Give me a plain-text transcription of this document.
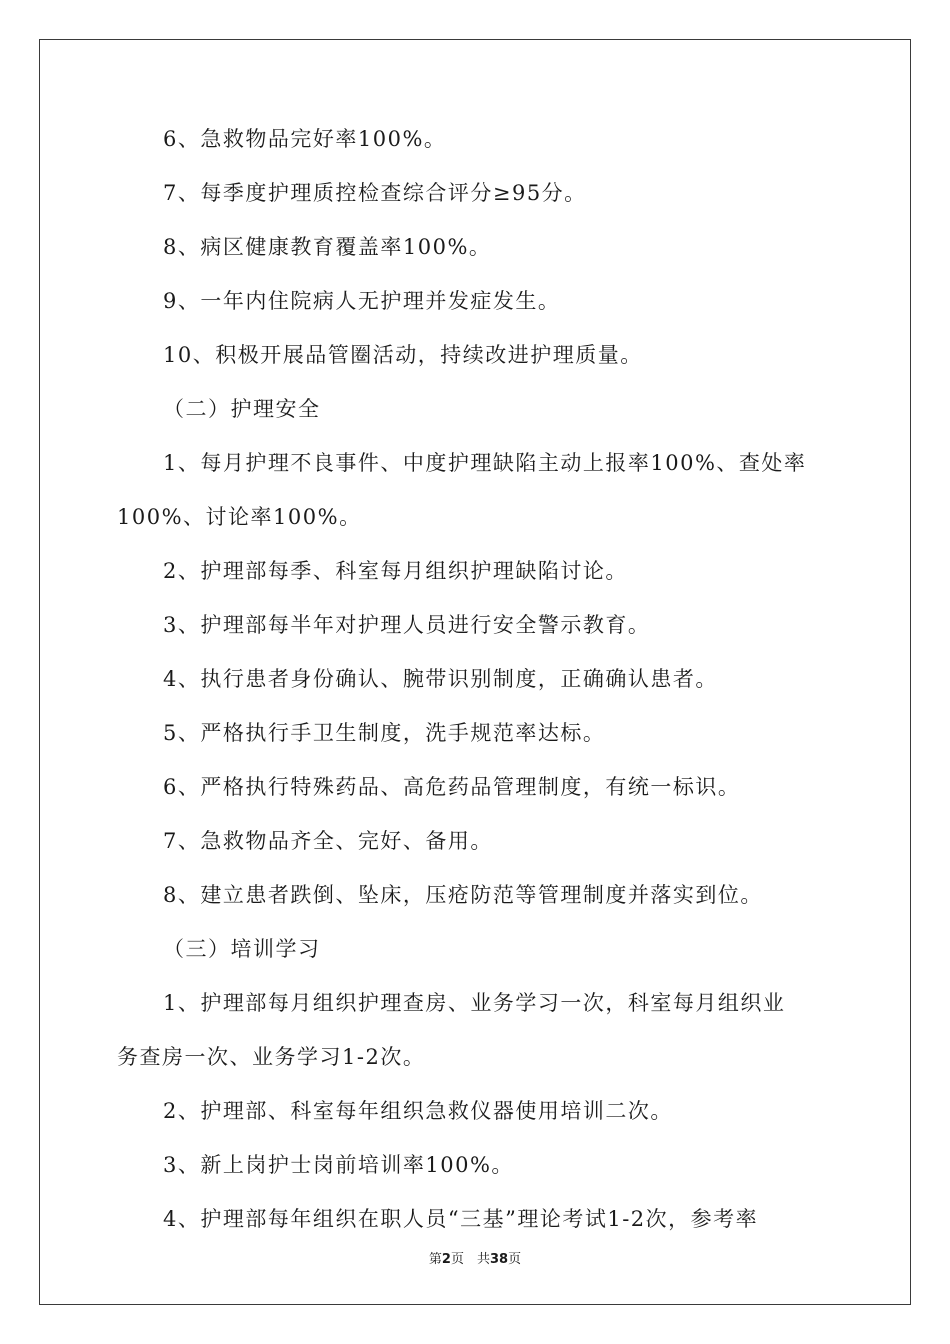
6、急救物品完好率100%。
7、每季度护理质控检查综合评分≥95分。
8、病区健康教育覆盖率100%。
9、一年内住院病人无护理并发症发生。
10、积极开展品管圈活动，持续改进护理质量。
（二）护理安全
1、每月护理不良事件、中度护理缺陷主动上报率100%、查处率
100%、讨论率100%。
2、护理部每季、科室每月组织护理缺陷讨论。
3、护理部每半年对护理人员进行安全警示教育。
4、执行患者身份确认、腕带识别制度，正确确认患者。
5、严格执行手卫生制度，洗手规范率达标。
6、严格执行特殊药品、高危药品管理制度，有统一标识。
7、急救物品齐全、完好、备用。
8、建立患者跌倒、坠床，压疮防范等管理制度并落实到位。
（三）培训学习
1、护理部每月组织护理查房、业务学习一次，科室每月组织业
务查房一次、业务学习1-2次。
2、护理部、科室每年组织急救仪器使用培训二次。
3、新上岗护士岗前培训率100%。
4、护理部每年组织在职人员“三基”理论考试1-2次，参考率
第2页　共38页
